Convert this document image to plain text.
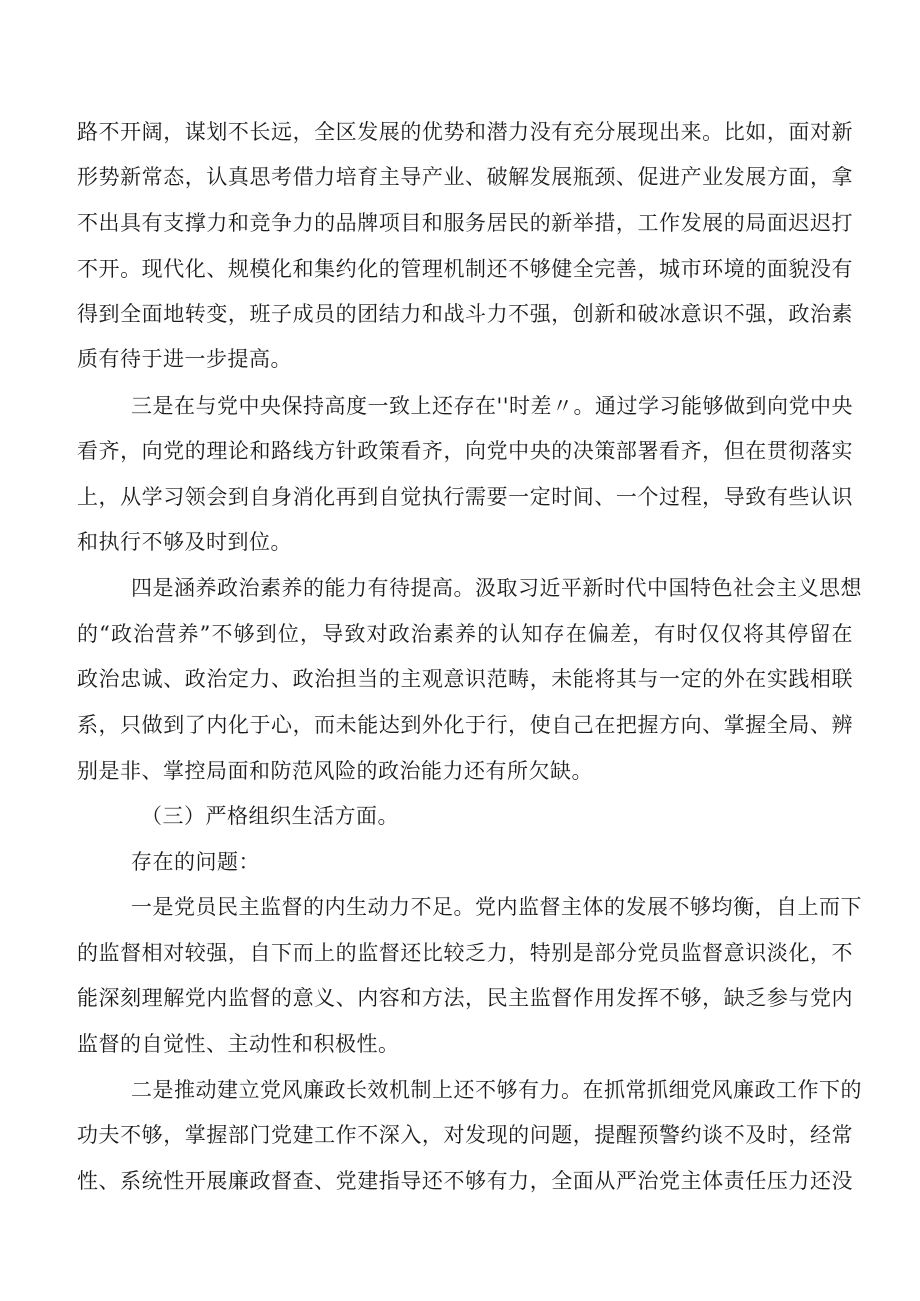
路不开阔，谋划不长远，全区发展的优势和潜力没有充分展现出来。比如，面对新
形势新常态，认真思考借力培育主导产业、破解发展瓶颈、促进产业发展方面，拿
不出具有支撑力和竞争力的品牌项目和服务居民的新举措，工作发展的局面迟迟打
不开。现代化、规模化和集约化的管理机制还不够健全完善，城市环境的面貌没有
得到全面地转变，班子成员的团结力和战斗力不强，创新和破冰意识不强，政治素
质有待于进一步提高。
三是在与党中央保持高度一致上还存在''时差〃。通过学习能够做到向党中央
看齐，向党的理论和路线方针政策看齐，向党中央的决策部署看齐，但在贯彻落实
上，从学习领会到自身消化再到自觉执行需要一定时间、一个过程，导致有些认识
和执行不够及时到位。
四是涵养政治素养的能力有待提高。汲取习近平新时代中国特色社会主义思想
的“政治营养”不够到位，导致对政治素养的认知存在偏差，有时仅仅将其停留在
政治忠诚、政治定力、政治担当的主观意识范畴，未能将其与一定的外在实践相联
系，只做到了内化于心，而未能达到外化于行，使自己在把握方向、掌握全局、辨
别是非、掌控局面和防范风险的政治能力还有所欠缺。
（三）严格组织生活方面。
存在的问题：
一是党员民主监督的内生动力不足。党内监督主体的发展不够均衡，自上而下
的监督相对较强，自下而上的监督还比较乏力，特别是部分党员监督意识淡化，不
能深刻理解党内监督的意义、内容和方法，民主监督作用发挥不够，缺乏参与党内
监督的自觉性、主动性和积极性。
二是推动建立党风廉政长效机制上还不够有力。在抓常抓细党风廉政工作下的
功夫不够，掌握部门党建工作不深入，对发现的问题，提醒预警约谈不及时，经常
性、系统性开展廉政督查、党建指导还不够有力，全面从严治党主体责任压力还没
